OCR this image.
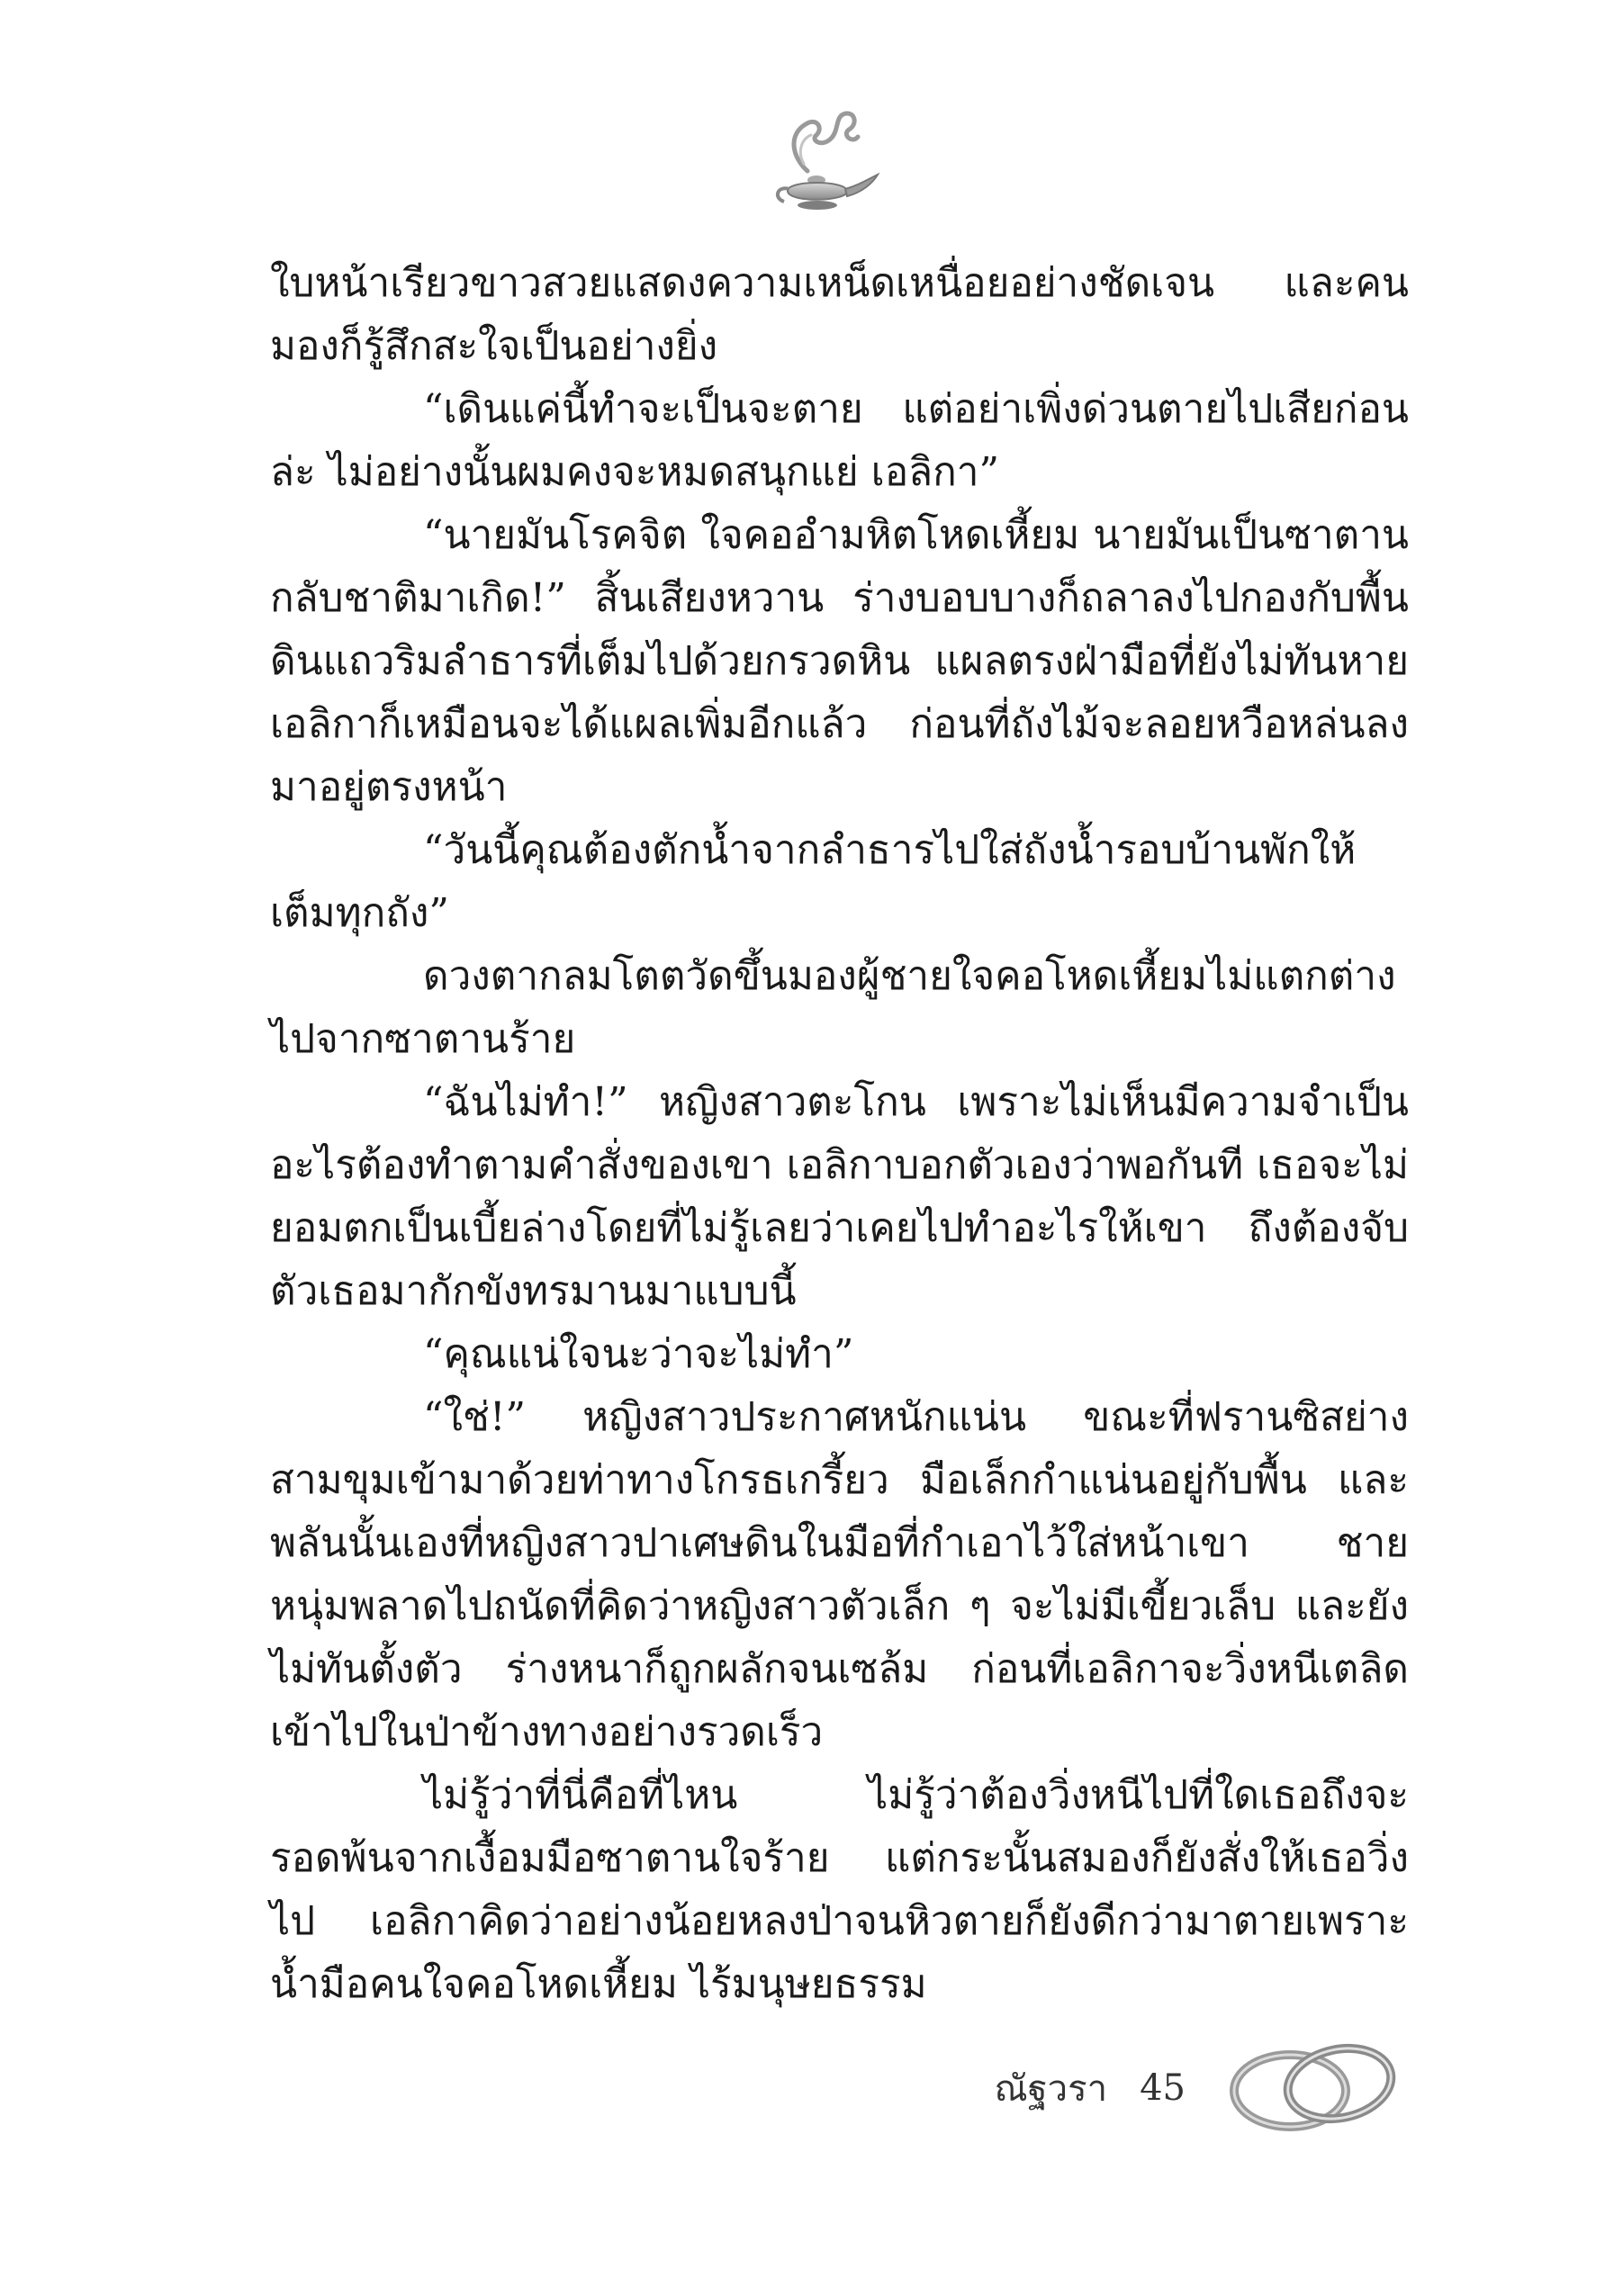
ใบหน้าเรียวขาวสวยแสดงความเหน็ดเหนื่อยอย่างชัดเจน และคนมองก็รู้สึกสะใจเป็นอย่างยิ่ง

“เดินแค่นี้ทำจะเป็นจะตาย แต่อย่าเพิ่งด่วนตายไปเสียก่อนล่ะ ไม่อย่างนั้นผมคงจะหมดสนุกแย่ เอลิกา”

“นายมันโรคจิต ใจคออำมหิตโหดเหี้ยม นายมันเป็นซาตานกลับชาติมาเกิด!” สิ้นเสียงหวาน ร่างบอบบางก็ถลาลงไปกองกับพื้นดินแถวริมลำธารที่เต็มไปด้วยกรวดหิน แผลตรงฝ่ามือที่ยังไม่ทันหาย เอลิกาก็เหมือนจะได้แผลเพิ่มอีกแล้ว ก่อนที่ถังไม้จะลอยหวือหล่นลงมาอยู่ตรงหน้า

“วันนี้คุณต้องตักน้ำจากลำธารไปใส่ถังน้ำรอบบ้านพักให้เต็มทุกถัง”

ดวงตากลมโตตวัดขึ้นมองผู้ชายใจคอโหดเหี้ยมไม่แตกต่างไปจากซาตานร้าย

“ฉันไม่ทำ!” หญิงสาวตะโกน เพราะไม่เห็นมีความจำเป็นอะไรต้องทำตามคำสั่งของเขา เอลิกาบอกตัวเองว่าพอกันที เธอจะไม่ยอมตกเป็นเบี้ยล่างโดยที่ไม่รู้เลยว่าเคยไปทำอะไรให้เขา ถึงต้องจับตัวเธอมากักขังทรมานมาแบบนี้

“คุณแน่ใจนะว่าจะไม่ทำ”

“ใช่!” หญิงสาวประกาศหนักแน่น ขณะที่ฟรานซิสย่างสามขุมเข้ามาด้วยท่าทางโกรธเกรี้ยว มือเล็กกำแน่นอยู่กับพื้น และพลันนั้นเองที่หญิงสาวปาเศษดินในมือที่กำเอาไว้ใส่หน้าเขา ชายหนุ่มพลาดไปถนัดที่คิดว่าหญิงสาวตัวเล็ก ๆ จะไม่มีเขี้ยวเล็บ และยังไม่ทันตั้งตัว ร่างหนาก็ถูกผลักจนเซล้ม ก่อนที่เอลิกาจะวิ่งหนีเตลิดเข้าไปในป่าข้างทางอย่างรวดเร็ว

ไม่รู้ว่าที่นี่คือที่ไหน ไม่รู้ว่าต้องวิ่งหนีไปที่ใดเธอถึงจะรอดพ้นจากเงื้อมมือซาตานใจร้าย แต่กระนั้นสมองก็ยังสั่งให้เธอวิ่งไป เอลิกาคิดว่าอย่างน้อยหลงป่าจนหิวตายก็ยังดีกว่ามาตายเพราะน้ำมือคนใจคอโหดเหี้ยม ไร้มนุษยธรรม

ณัฐวรา 45
